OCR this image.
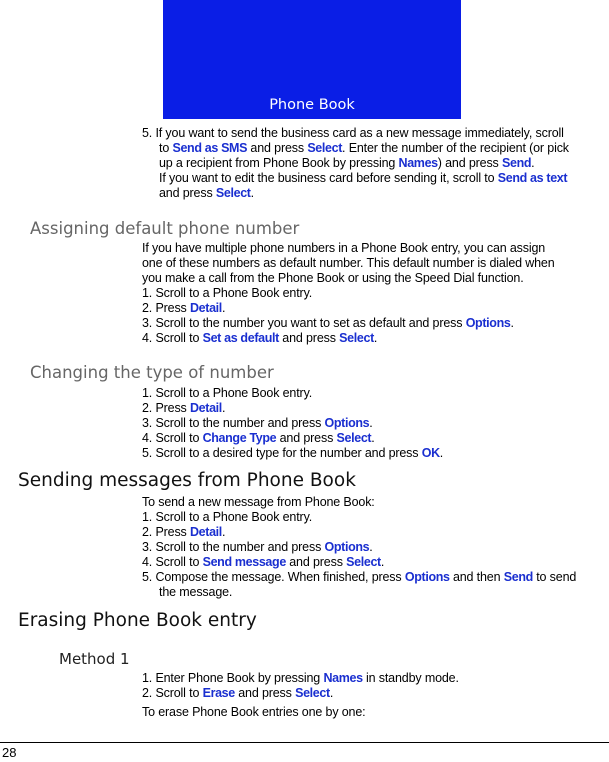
Phone Book
5. If you want to send the business card as a new message immediately, scroll
to Send as SMS and press Select. Enter the number of the recipient (or pick
up a recipient from Phone Book by pressing Names) and press Send.
If you want to edit the business card before sending it, scroll to Send as text
and press Select.
Assigning default phone number
If you have multiple phone numbers in a Phone Book entry, you can assign
one of these numbers as default number. This default number is dialed when
you make a call from the Phone Book or using the Speed Dial function.
1. Scroll to a Phone Book entry.
2. Press Detail.
3. Scroll to the number you want to set as default and press Options.
4. Scroll to Set as default and press Select.
Changing the type of number
1. Scroll to a Phone Book entry.
2. Press Detail.
3. Scroll to the number and press Options.
4. Scroll to Change Type and press Select.
5. Scroll to a desired type for the number and press OK.
Sending messages from Phone Book
To send a new message from Phone Book:
1. Scroll to a Phone Book entry.
2. Press Detail.
3. Scroll to the number and press Options.
4. Scroll to Send message and press Select.
5. Compose the message. When finished, press Options and then Send to send
the message.
Erasing Phone Book entry
Method 1
1. Enter Phone Book by pressing Names in standby mode.
2. Scroll to Erase and press Select.
To erase Phone Book entries one by one:
28
